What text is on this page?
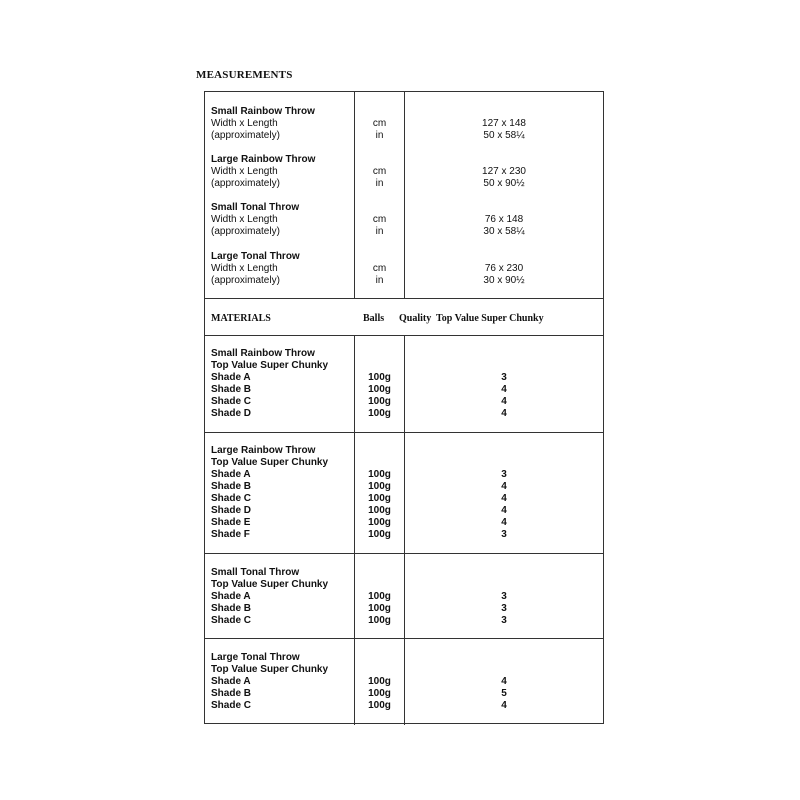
MEASUREMENTS
Small Rainbow Throw
Width x Length
(approximately)
cm
in
127 x 148
50 x 58¼
Large Rainbow Throw
Width x Length
(approximately)
cm
in
127 x 230
50 x 90½
Small Tonal Throw
Width x Length
(approximately)
cm
in
76 x 148
30 x 58¼
Large Tonal Throw
Width x Length
(approximately)
cm
in
76 x 230
30 x 90½
MATERIALS	Balls Quality  Top Value Super Chunky
Small Rainbow Throw
Top Value Super Chunky
Shade A
Shade B
Shade C
Shade D
100g
100g
100g
100g
3
4
4
4
Large Rainbow Throw
Top Value Super Chunky
Shade A
Shade B
Shade C
Shade D
Shade E
Shade F
100g
100g
100g
100g
100g
100g
3
4
4
4
4
3
Small Tonal Throw
Top Value Super Chunky
Shade A
Shade B
Shade C
100g
100g
100g
3
3
3
Large Tonal Throw
Top Value Super Chunky
Shade A
Shade B
Shade C
100g
100g
100g
4
5
4
